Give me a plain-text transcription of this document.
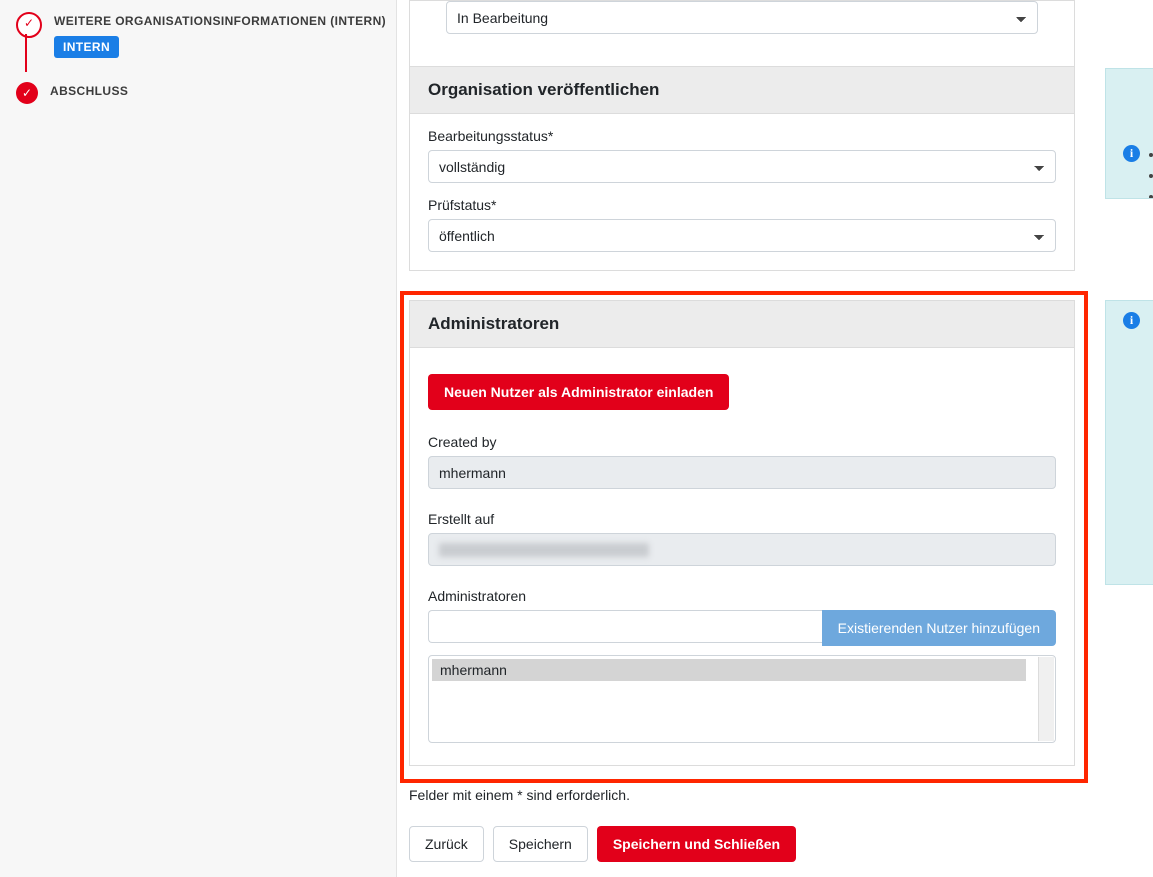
✓	WEITERE ORGANISATIONSINFORMATIONEN (INTERN)
INTERN
✓	ABSCHLUSS
In Bearbeitung	Organisation veröffentlichen
Bearbeitungsstatus*
vollständig
Prüfstatus*
öffentlich
Administratoren
Neuen Nutzer als Administrator einladen
Created by
mhermann
Erstellt auf
Administratoren
Existierenden Nutzer hinzufügen
mhermann
Felder mit einem * sind erforderlich.
Zurück	Speichern	Speichern und Schließen
i
i
